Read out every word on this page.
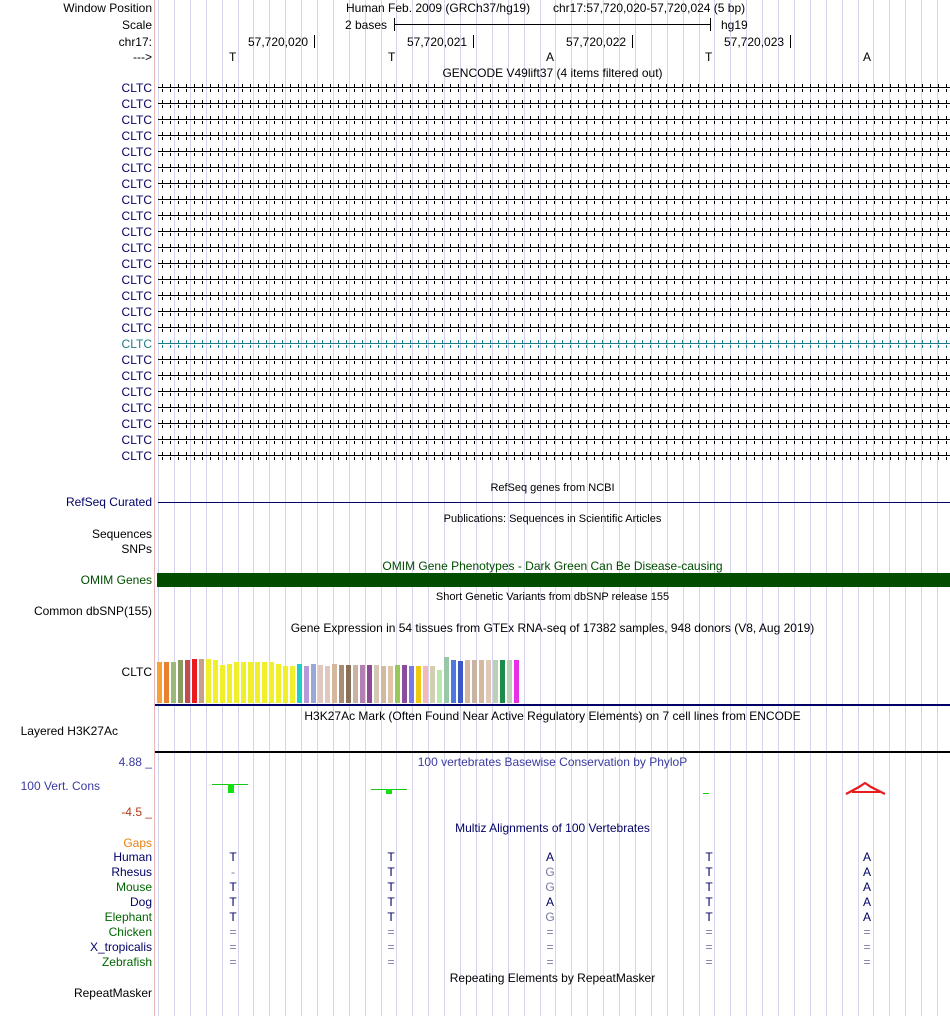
Window Position	Human Feb. 2009 (GRCh37/hg19) chr17:57,720,020-57,720,024 (5 bp)
Scale	2 bases	hg19
chr17:	57,720,020	57,720,021	57,720,022	57,720,023
--->	T	T	A	T	A
GENCODE V49lift37 (4 items filtered out)
CLTC
CLTC
CLTC
CLTC
CLTC
CLTC
CLTC
CLTC
CLTC
CLTC
CLTC
CLTC
CLTC
CLTC
CLTC
CLTC
CLTC
CLTC
CLTC
CLTC
CLTC
CLTC
CLTC
CLTC
RefSeq genes from NCBI
RefSeq Curated
Publications: Sequences in Scientific Articles
Sequences
SNPs
OMIM Gene Phenotypes - Dark Green Can Be Disease-causing
OMIM Genes
Short Genetic Variants from dbSNP release 155
Common dbSNP(155)
Gene Expression in 54 tissues from GTEx RNA-seq of 17382 samples, 948 donors (V8, Aug 2019)
CLTC
H3K27Ac Mark (Often Found Near Active Regulatory Elements) on 7 cell lines from ENCODE
Layered H3K27Ac
100 vertebrates Basewise Conservation by PhyloP
4.88 _
100 Vert. Cons
-4.5 _
Multiz Alignments of 100 Vertebrates
Gaps
Human	T	T	A	T	A
Rhesus	-	T	G	T	A
Mouse	T	T	G	T	A
Dog	T	T	A	T	A
Elephant	T	T	G	T	A
Chicken	=	=	=	=	=
X_tropicalis	=	=	=	=	=
Zebrafish	=	=	=	=	=
Repeating Elements by RepeatMasker
RepeatMasker
